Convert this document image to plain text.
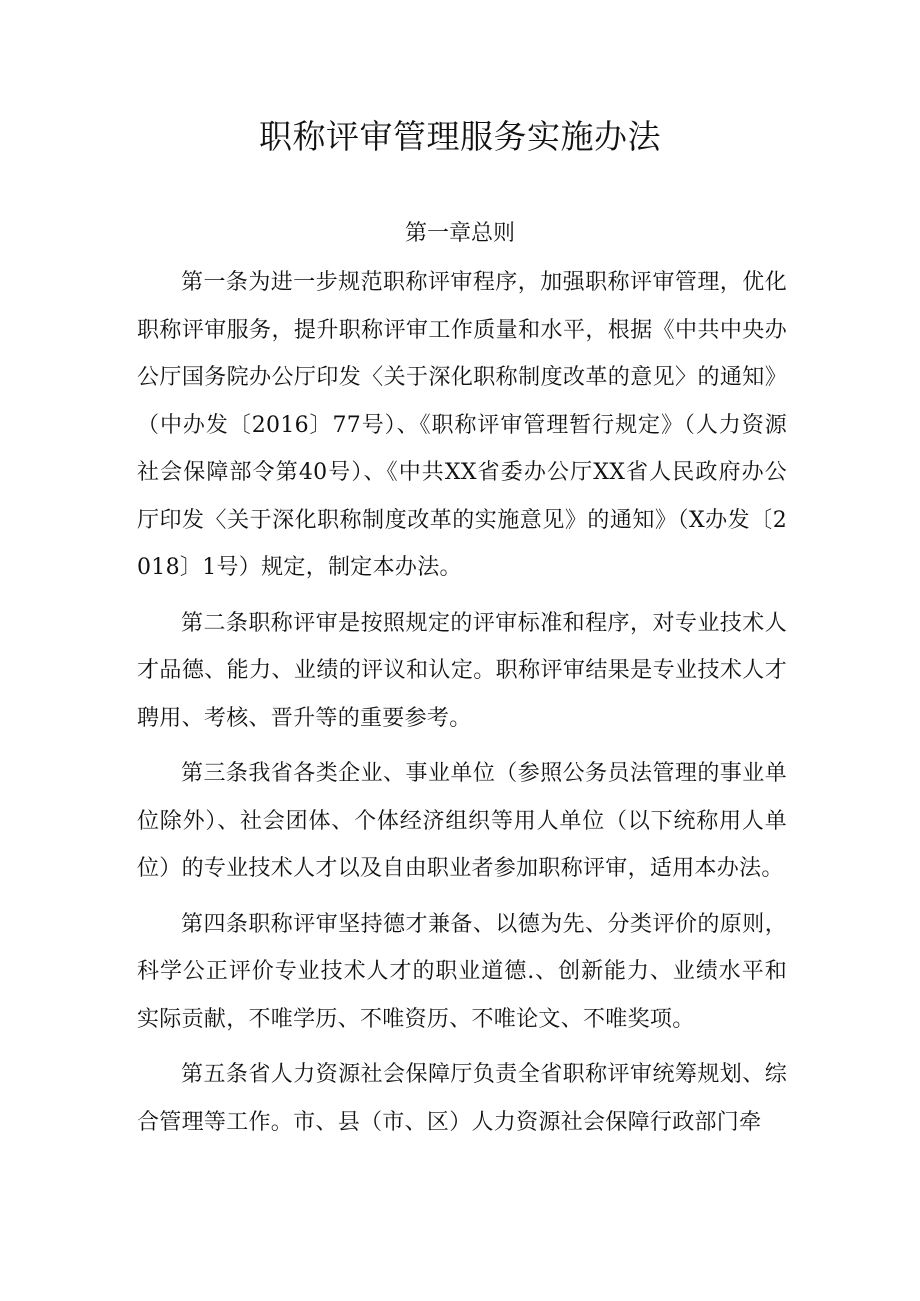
职称评审管理服务实施办法
第一章总则

第一条为进一步规范职称评审程序，加强职称评审管理，优化职称评审服务，提升职称评审工作质量和水平，根据《中共中央办公厅国务院办公厅印发〈关于深化职称制度改革的意见〉的通知》（中办发〔2016〕77号）、《职称评审管理暂行规定》（人力资源社会保障部令第40号）、《中共XX省委办公厅XX省人民政府办公厅印发〈关于深化职称制度改革的实施意见》的通知》（X办发〔2018〕1号）规定，制定本办法。

第二条职称评审是按照规定的评审标准和程序，对专业技术人才品德、能力、业绩的评议和认定。职称评审结果是专业技术人才聘用、考核、晋升等的重要参考。

第三条我省各类企业、事业单位（参照公务员法管理的事业单位除外）、社会团体、个体经济组织等用人单位（以下统称用人单位）的专业技术人才以及自由职业者参加职称评审，适用本办法。

第四条职称评审坚持德才兼备、以德为先、分类评价的原则，科学公正评价专业技术人才的职业道德.、创新能力、业绩水平和实际贡献，不唯学历、不唯资历、不唯论文、不唯奖项。

第五条省人力资源社会保障厅负责全省职称评审统筹规划、综合管理等工作。市、县（市、区）人力资源社会保障行政部门牵
